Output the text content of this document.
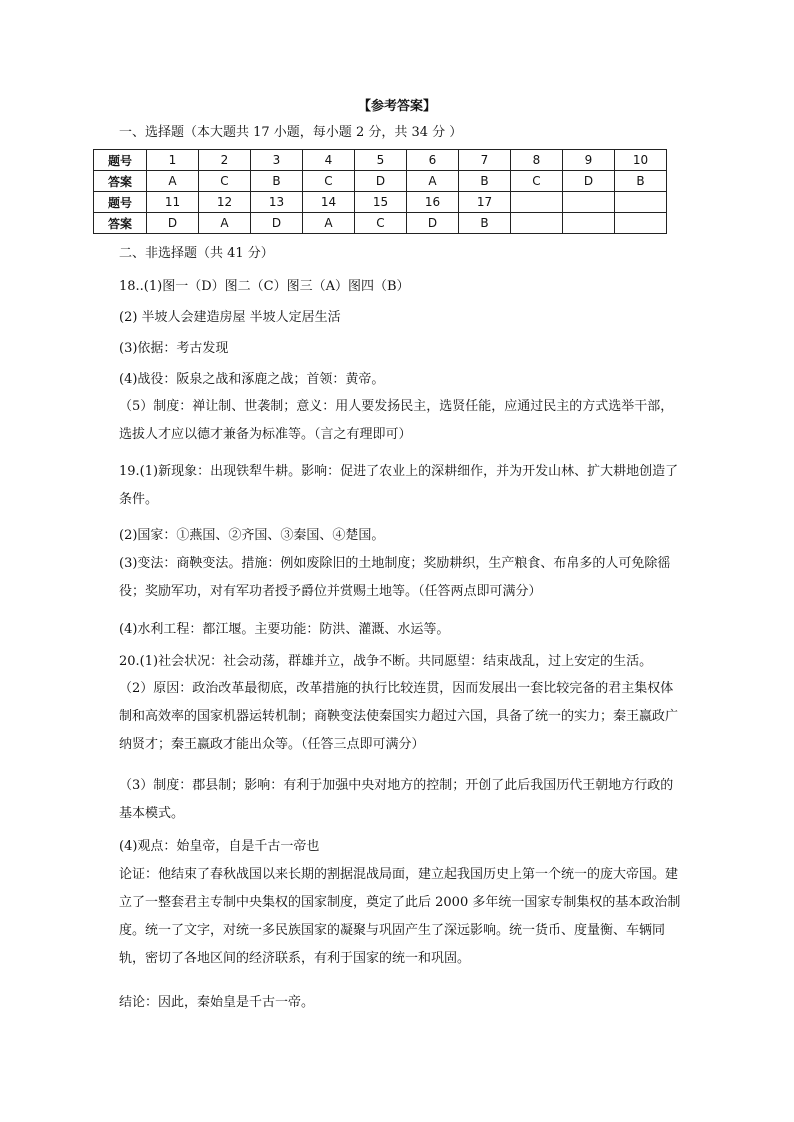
【参考答案】
一、选择题（本大题共 17 小题，每小题 2 分，共 34 分 ）
题号	1	2	3	4	5	6	7	8	9	10
答案	A	C	B	C	D	A	B	C	D	B
题号	11	12	13	14	15	16	17			
答案	D	A	D	A	C	D	B			
二、非选择题（共 41 分）
18..(1)图一（D）图二（C）图三（A）图四（B）
(2) 半坡人会建造房屋 半坡人定居生活
(3)依据：考古发现
(4)战役：阪泉之战和涿鹿之战；首领：黄帝。
（5）制度：禅让制、世袭制；意义：用人要发扬民主，选贤任能，应通过民主的方式选举干部，选拔人才应以德才兼备为标准等。（言之有理即可）
19.(1)新现象：出现铁犁牛耕。影响：促进了农业上的深耕细作，并为开发山林、扩大耕地创造了条件。
(2)国家：①燕国、②齐国、③秦国、④楚国。
(3)变法：商鞅变法。措施：例如废除旧的土地制度；奖励耕织，生产粮食、布帛多的人可免除徭役；奖励军功，对有军功者授予爵位并赏赐土地等。（任答两点即可满分）
(4)水利工程：都江堰。主要功能：防洪、灌溉、水运等。
20.(1)社会状况：社会动荡，群雄并立，战争不断。共同愿望：结束战乱，过上安定的生活。
（2）原因：政治改革最彻底，改革措施的执行比较连贯，因而发展出一套比较完备的君主集权体制和高效率的国家机器运转机制；商鞅变法使秦国实力超过六国，具备了统一的实力；秦王嬴政广纳贤才；秦王嬴政才能出众等。（任答三点即可满分）
（3）制度：郡县制；影响：有利于加强中央对地方的控制；开创了此后我国历代王朝地方行政的基本模式。
(4)观点：始皇帝，自是千古一帝也
论证：他结束了春秋战国以来长期的割据混战局面，建立起我国历史上第一个统一的庞大帝国。建立了一整套君主专制中央集权的国家制度，奠定了此后 2000 多年统一国家专制集权的基本政治制度。统一了文字，对统一多民族国家的凝聚与巩固产生了深远影响。统一货币、度量衡、车辆同轨，密切了各地区间的经济联系，有利于国家的统一和巩固。
结论：因此，秦始皇是千古一帝。
